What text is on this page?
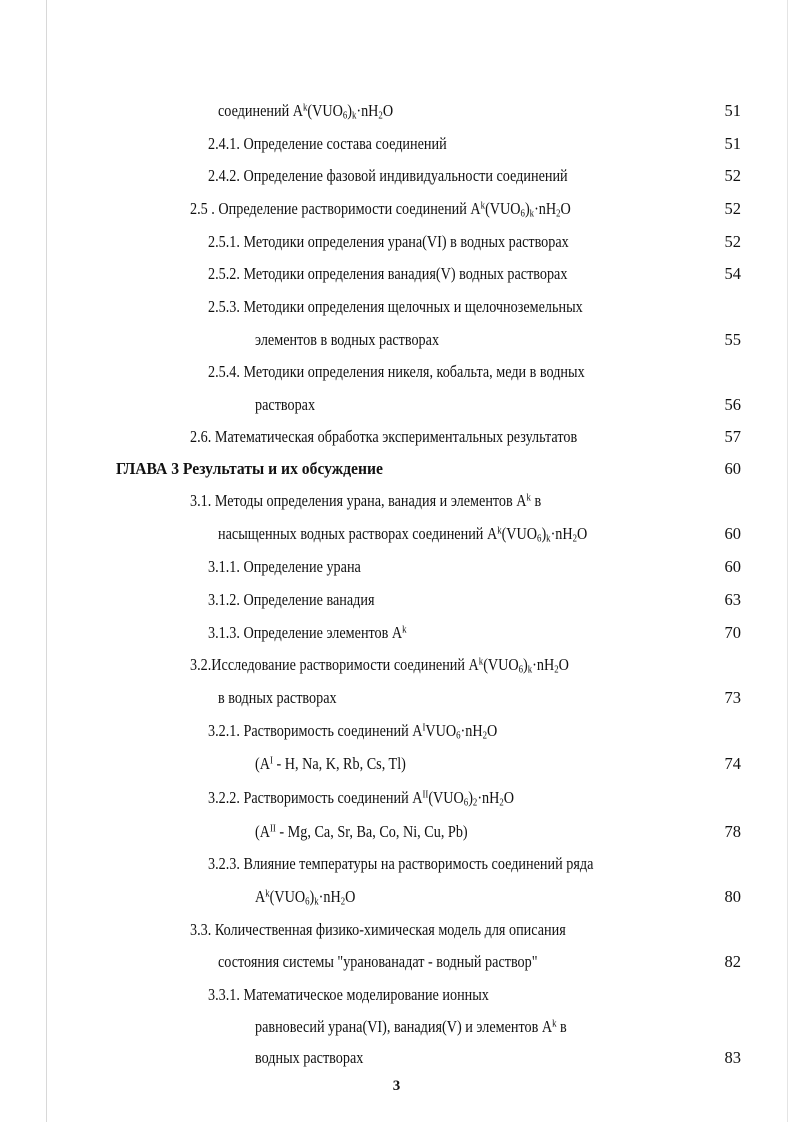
соединений $A^k(VUO_6)_k\cdot nH_2O$	51
2.4.1. Определение состава соединений	51
2.4.2. Определение фазовой индивидуальности соединений	52
2.5 . Определение растворимости соединений $A^k(VUO_6)_k\cdot nH_2O$	52
2.5.1. Методики определения урана(VI) в водных растворах	52
2.5.2. Методики определения ванадия(V) водных растворах	54
2.5.3. Методики определения щелочных и щелочноземельных
элементов в водных растворах	55
2.5.4. Методики определения никеля, кобальта, меди в водных
растворах	56
2.6. Математическая обработка экспериментальных результатов	57
ГЛАВА 3 Результаты и их обсуждение	60
3.1. Методы определения урана, ванадия и элементов $A^k$ в
насыщенных водных растворах соединений $A^k(VUO_6)_k\cdot nH_2O$	60
3.1.1. Определение урана	60
3.1.2. Определение ванадия	63
3.1.3. Определение элементов $A^k$	70
3.2.Исследование растворимости соединений $A^k(VUO_6)_k\cdot nH_2O$
в водных растворах	73
3.2.1. Растворимость соединений $A^IVUO_6\cdot nH_2O$
($A^I$ - H, Na, K, Rb, Cs, Tl)	74
3.2.2. Растворимость соединений $A^{II}(VUO_6)_2\cdot nH_2O$
($A^{II}$ - Mg, Ca, Sr, Ba, Co, Ni, Cu, Pb)	78
3.2.3. Влияние температуры на растворимость соединений ряда
$A^k(VUO_6)_k\cdot nH_2O$	80
3.3. Количественная физико-химическая модель для описания
состояния системы "уранованадат - водный раствор"	82
3.3.1. Математическое моделирование ионных
равновесий урана(VI), ванадия(V) и элементов $A^k$ в
водных растворах	83
3
